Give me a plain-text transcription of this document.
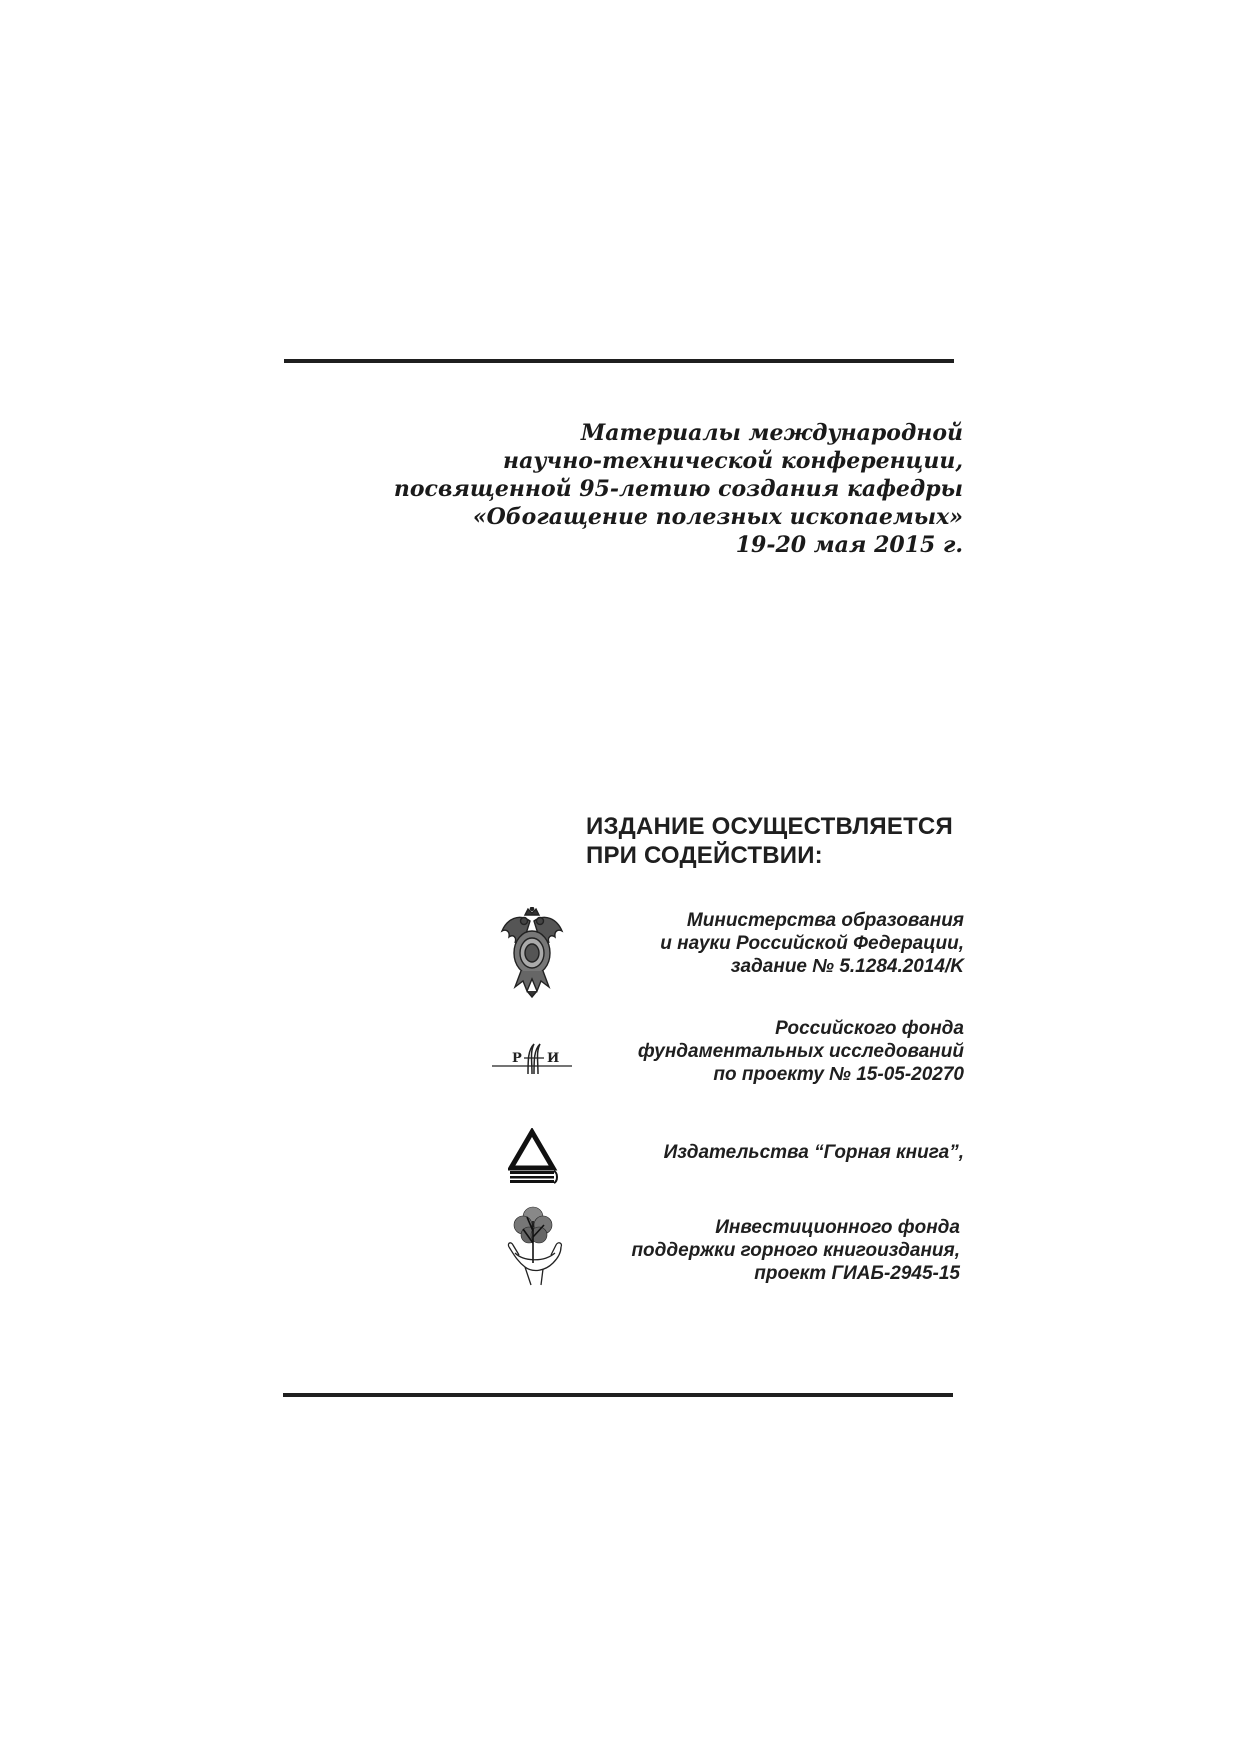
Материалы международной
научно-технической конференции,
посвященной 95-летию создания кафедры
«Обогащение полезных ископаемых»
19-20 мая 2015 г.
ИЗДАНИЕ ОСУЩЕСТВЛЯЕТСЯ
ПРИ СОДЕЙСТВИИ:
Министерства образования
и науки Российской Федерации,
задание № 5.1284.2014/K
Р И
Российского фонда
фундаментальных исследований
по проекту № 15-05-20270
Издательства “Горная книга”,
Инвестиционного фонда
поддержки горного книгоиздания,
проект ГИАБ-2945-15
